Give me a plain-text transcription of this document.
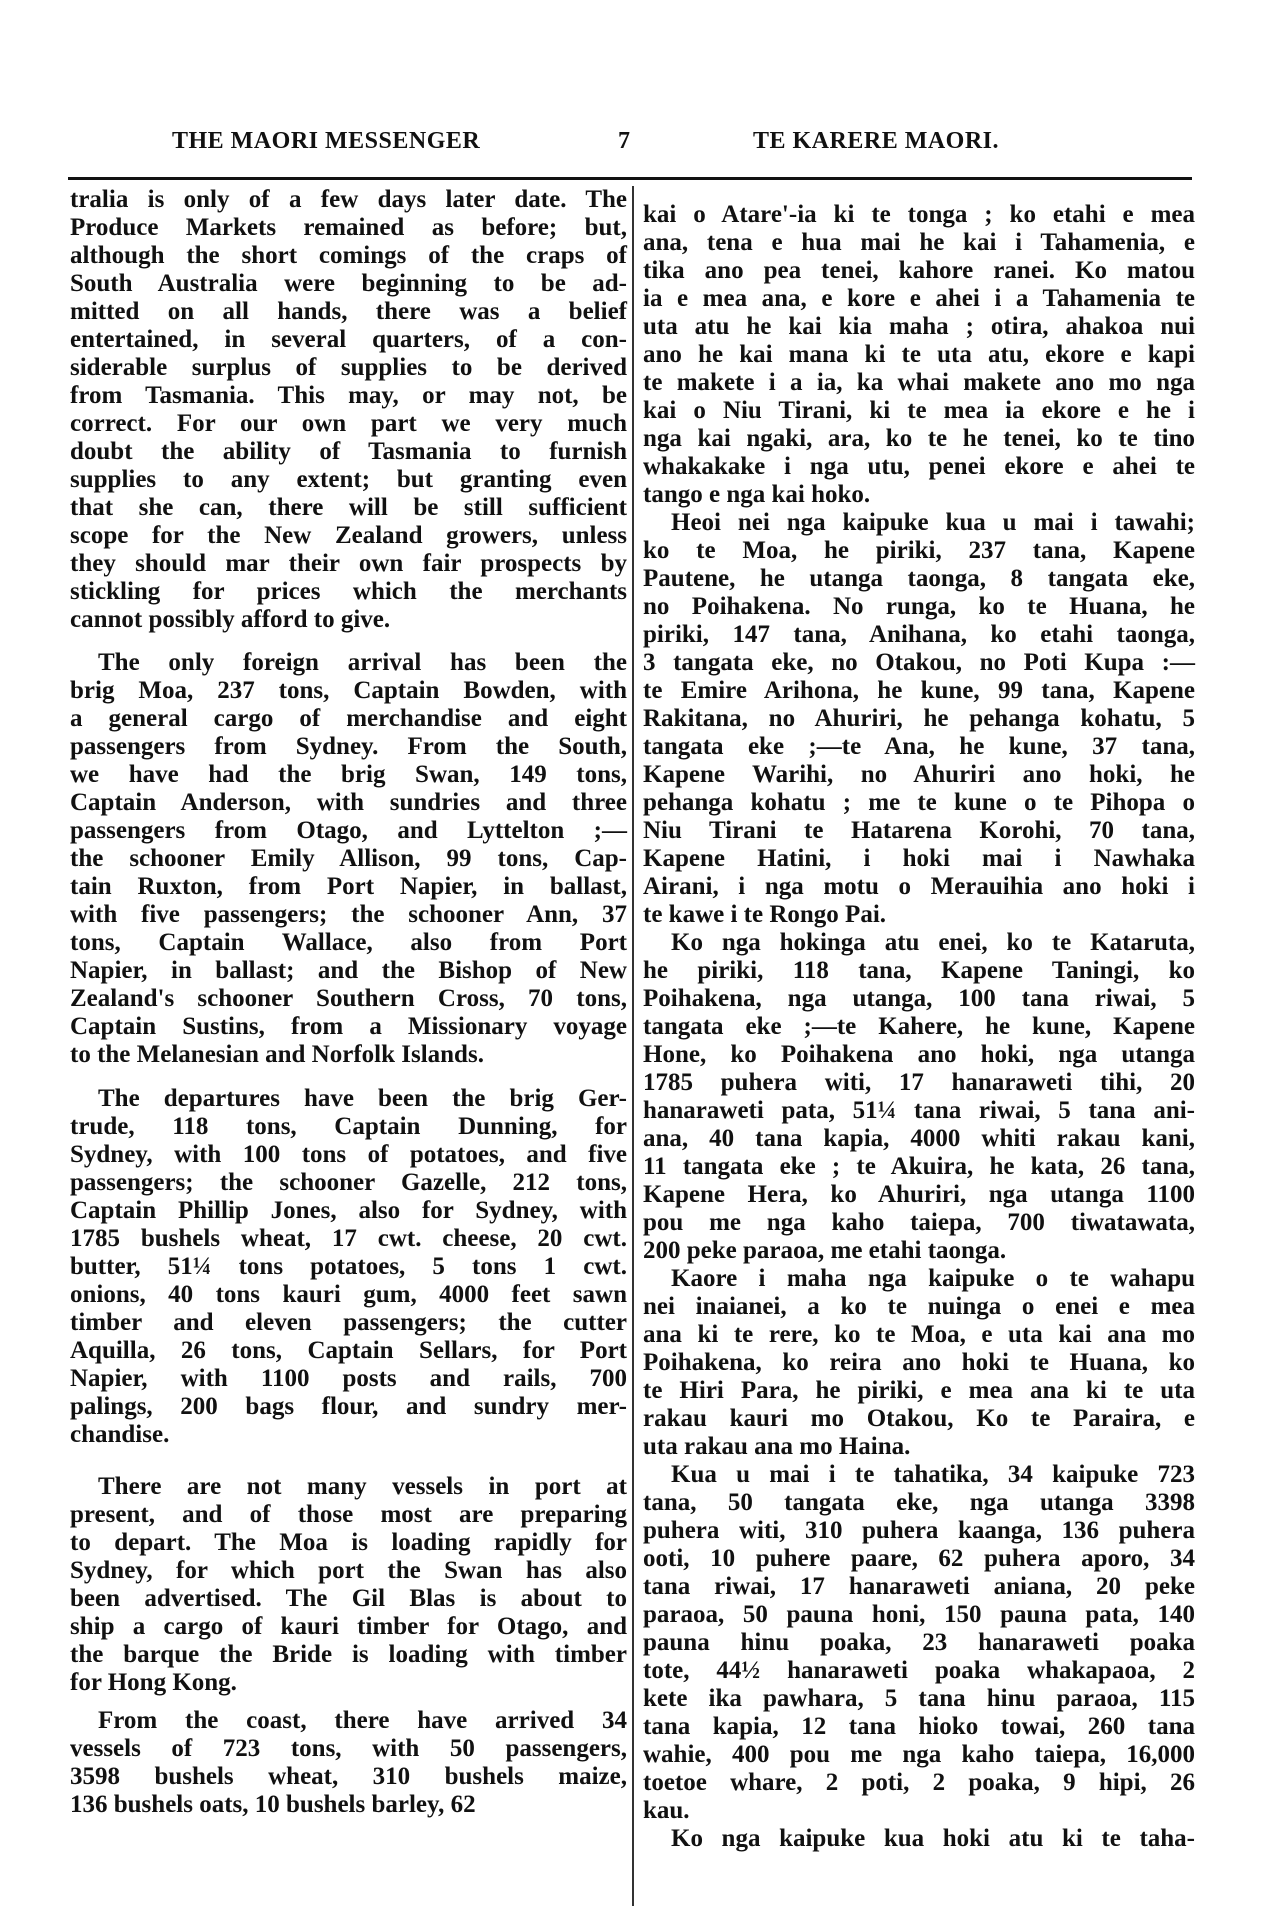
THE MAORI MESSENGER	7	TE KARERE MAORI.
tralia is only of a few days later date. The
Produce Markets remained as before; but,
although the short comings of the craps of
South Australia were beginning to be ad-
mitted on all hands, there was a belief
entertained, in several quarters, of a con-
siderable surplus of supplies to be derived
from Tasmania. This may, or may not, be
correct. For our own part we very much
doubt the ability of Tasmania to furnish
supplies to any extent; but granting even
that she can, there will be still sufficient
scope for the New Zealand growers, unless
they should mar their own fair prospects by
stickling for prices which the merchants
cannot possibly afford to give.
The only foreign arrival has been the
brig Moa, 237 tons, Captain Bowden, with
a general cargo of merchandise and eight
passengers from Sydney. From the South,
we have had the brig Swan, 149 tons,
Captain Anderson, with sundries and three
passengers from Otago, and Lyttelton ;—
the schooner Emily Allison, 99 tons, Cap-
tain Ruxton, from Port Napier, in ballast,
with five passengers; the schooner Ann, 37
tons, Captain Wallace, also from Port
Napier, in ballast; and the Bishop of New
Zealand's schooner Southern Cross, 70 tons,
Captain Sustins, from a Missionary voyage
to the Melanesian and Norfolk Islands.
The departures have been the brig Ger-
trude, 118 tons, Captain Dunning, for
Sydney, with 100 tons of potatoes, and five
passengers; the schooner Gazelle, 212 tons,
Captain Phillip Jones, also for Sydney, with
1785 bushels wheat, 17 cwt. cheese, 20 cwt.
butter, 51¼ tons potatoes, 5 tons 1 cwt.
onions, 40 tons kauri gum, 4000 feet sawn
timber and eleven passengers; the cutter
Aquilla, 26 tons, Captain Sellars, for Port
Napier, with 1100 posts and rails, 700
palings, 200 bags flour, and sundry mer-
chandise.
There are not many vessels in port at
present, and of those most are preparing
to depart. The Moa is loading rapidly for
Sydney, for which port the Swan has also
been advertised. The Gil Blas is about to
ship a cargo of kauri timber for Otago, and
the barque the Bride is loading with timber
for Hong Kong.
From the coast, there have arrived 34
vessels of 723 tons, with 50 passengers,
3598 bushels wheat, 310 bushels maize,
136 bushels oats, 10 bushels barley, 62
kai o Atare'-ia ki te tonga ; ko etahi e mea
ana, tena e hua mai he kai i Tahamenia, e
tika ano pea tenei, kahore ranei. Ko matou
ia e mea ana, e kore e ahei i a Tahamenia te
uta atu he kai kia maha ; otira, ahakoa nui
ano he kai mana ki te uta atu, ekore e kapi
te makete i a ia, ka whai makete ano mo nga
kai o Niu Tirani, ki te mea ia ekore e he i
nga kai ngaki, ara, ko te he tenei, ko te tino
whakakake i nga utu, penei ekore e ahei te
tango e nga kai hoko.
Heoi nei nga kaipuke kua u mai i tawahi;
ko te Moa, he piriki, 237 tana, Kapene
Pautene, he utanga taonga, 8 tangata eke,
no Poihakena. No runga, ko te Huana, he
piriki, 147 tana, Anihana, ko etahi taonga,
3 tangata eke, no Otakou, no Poti Kupa :—
te Emire Arihona, he kune, 99 tana, Kapene
Rakitana, no Ahuriri, he pehanga kohatu, 5
tangata eke ;—te Ana, he kune, 37 tana,
Kapene Warihi, no Ahuriri ano hoki, he
pehanga kohatu ; me te kune o te Pihopa o
Niu Tirani te Hatarena Korohi, 70 tana,
Kapene Hatini, i hoki mai i Nawhaka
Airani, i nga motu o Merauihia ano hoki i
te kawe i te Rongo Pai.
Ko nga hokinga atu enei, ko te Kataruta,
he piriki, 118 tana, Kapene Taningi, ko
Poihakena, nga utanga, 100 tana riwai, 5
tangata eke ;—te Kahere, he kune, Kapene
Hone, ko Poihakena ano hoki, nga utanga
1785 puhera witi, 17 hanaraweti tihi, 20
hanaraweti pata, 51¼ tana riwai, 5 tana ani-
ana, 40 tana kapia, 4000 whiti rakau kani,
11 tangata eke ; te Akuira, he kata, 26 tana,
Kapene Hera, ko Ahuriri, nga utanga 1100
pou me nga kaho taiepa, 700 tiwatawata,
200 peke paraoa, me etahi taonga.
Kaore i maha nga kaipuke o te wahapu
nei inaianei, a ko te nuinga o enei e mea
ana ki te rere, ko te Moa, e uta kai ana mo
Poihakena, ko reira ano hoki te Huana, ko
te Hiri Para, he piriki, e mea ana ki te uta
rakau kauri mo Otakou, Ko te Paraira, e
uta rakau ana mo Haina.
Kua u mai i te tahatika, 34 kaipuke 723
tana, 50 tangata eke, nga utanga 3398
puhera witi, 310 puhera kaanga, 136 puhera
ooti, 10 puhere paare, 62 puhera aporo, 34
tana riwai, 17 hanaraweti aniana, 20 peke
paraoa, 50 pauna honi, 150 pauna pata, 140
pauna hinu poaka, 23 hanaraweti poaka
tote, 44½ hanaraweti poaka whakapaoa, 2
kete ika pawhara, 5 tana hinu paraoa, 115
tana kapia, 12 tana hioko towai, 260 tana
wahie, 400 pou me nga kaho taiepa, 16,000
toetoe whare, 2 poti, 2 poaka, 9 hipi, 26
kau.
Ko nga kaipuke kua hoki atu ki te taha-
